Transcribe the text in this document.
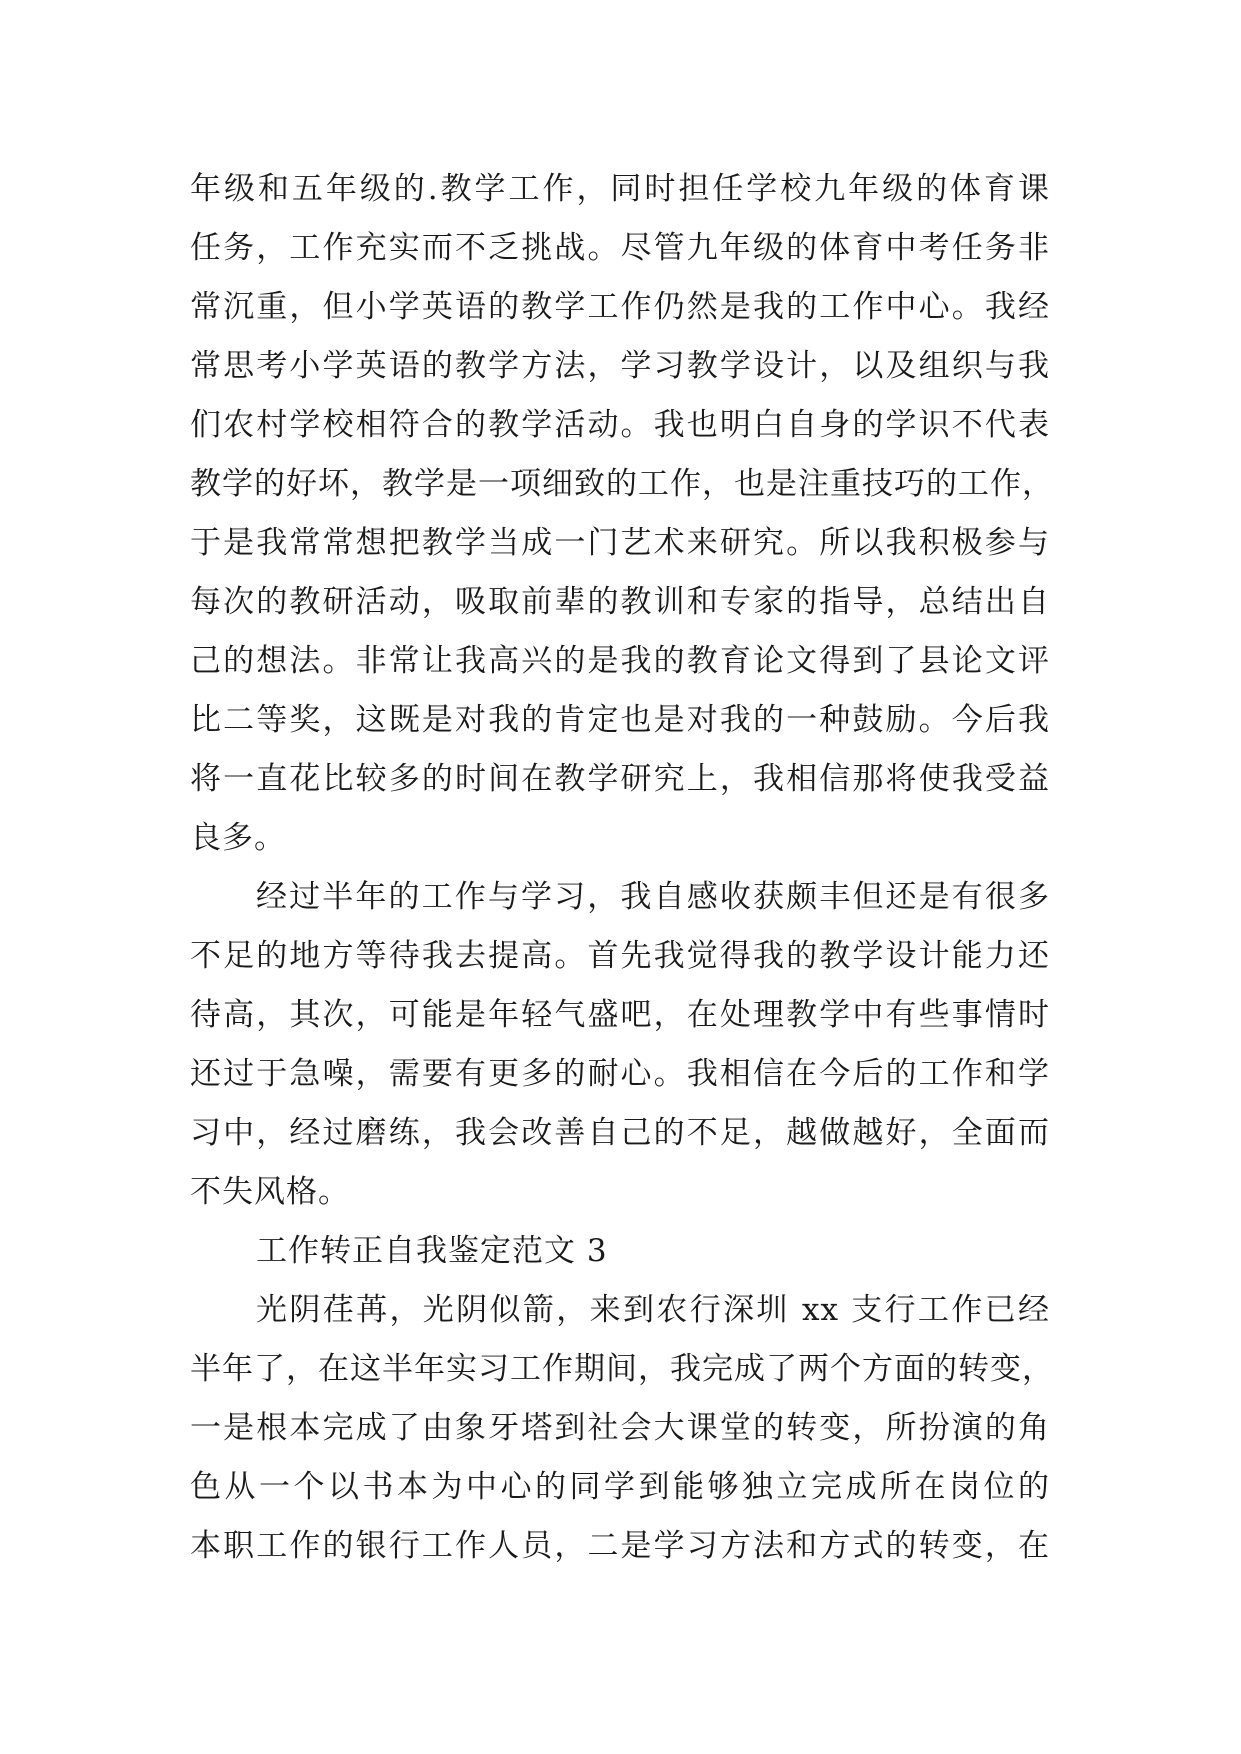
年级和五年级的.教学工作，同时担任学校九年级的体育课
任务，工作充实而不乏挑战。尽管九年级的体育中考任务非
常沉重，但小学英语的教学工作仍然是我的工作中心。我经
常思考小学英语的教学方法，学习教学设计，以及组织与我
们农村学校相符合的教学活动。我也明白自身的学识不代表
教学的好坏，教学是一项细致的工作，也是注重技巧的工作，
于是我常常想把教学当成一门艺术来研究。所以我积极参与
每次的教研活动，吸取前辈的教训和专家的指导，总结出自
己的想法。非常让我高兴的是我的教育论文得到了县论文评
比二等奖，这既是对我的肯定也是对我的一种鼓励。今后我
将一直花比较多的时间在教学研究上，我相信那将使我受益
良多。
经过半年的工作与学习，我自感收获颇丰但还是有很多
不足的地方等待我去提高。首先我觉得我的教学设计能力还
待高，其次，可能是年轻气盛吧，在处理教学中有些事情时
还过于急噪，需要有更多的耐心。我相信在今后的工作和学
习中，经过磨练，我会改善自己的不足，越做越好，全面而
不失风格。
工作转正自我鉴定范文 3
光阴荏苒，光阴似箭，来到农行深圳 xx 支行工作已经
半年了，在这半年实习工作期间，我完成了两个方面的转变，
一是根本完成了由象牙塔到社会大课堂的转变，所扮演的角
色从一个以书本为中心的同学到能够独立完成所在岗位的
本职工作的银行工作人员，二是学习方法和方式的转变，在
